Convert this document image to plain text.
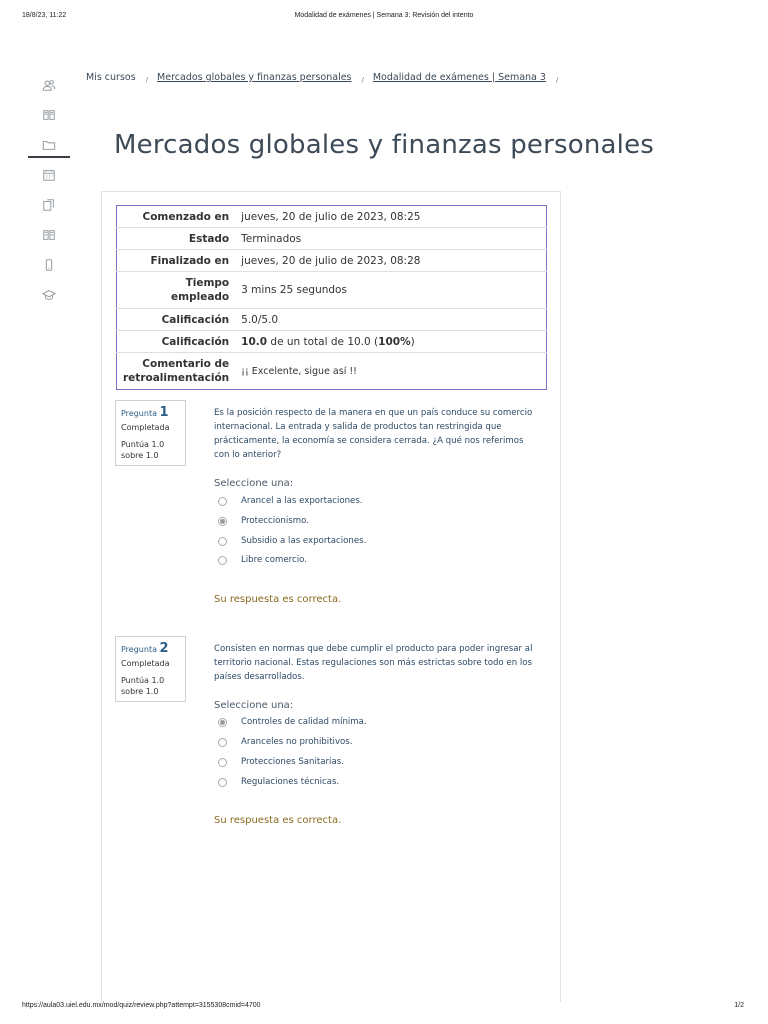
18/8/23, 11:22	Modalidad de exámenes | Semana 3: Revisión del intento
Mis cursos / Mercados globales y finanzas personales / Modalidad de exámenes | Semana 3 /
Mercados globales y finanzas personales
Comenzado en	jueves, 20 de julio de 2023, 08:25
Estado	Terminados
Finalizado en	jueves, 20 de julio de 2023, 08:28
Tiempo
empleado	3 mins 25 segundos
Calificación	5.0/5.0
Calificación	10.0 de un total de 10.0 (100%)
Comentario de
retroalimentación	¡¡ Excelente, sigue así !!
Pregunta 1
Completada
Puntúa 1.0
sobre 1.0
Es la posición respecto de la manera en que un país conduce su comercio internacional. La entrada y salida de productos tan restringida que prácticamente, la economía se considera cerrada. ¿A qué nos referimos con lo anterior?
Seleccione una:
Arancel a las exportaciones.
Proteccionismo.
Subsidio a las exportaciones.
Libre comercio.
Su respuesta es correcta.
Pregunta 2
Completada
Puntúa 1.0
sobre 1.0
Consisten en normas que debe cumplir el producto para poder ingresar al territorio nacional. Estas regulaciones son más estrictas sobre todo en los países desarrollados.
Seleccione una:
Controles de calidad mínima.
Aranceles no prohibitivos.
Protecciones Sanitarias.
Regulaciones técnicas.
Su respuesta es correcta.
https://aula03.uiel.edu.mx/mod/quiz/review.php?attempt=3155308cmid=4700	1/2
